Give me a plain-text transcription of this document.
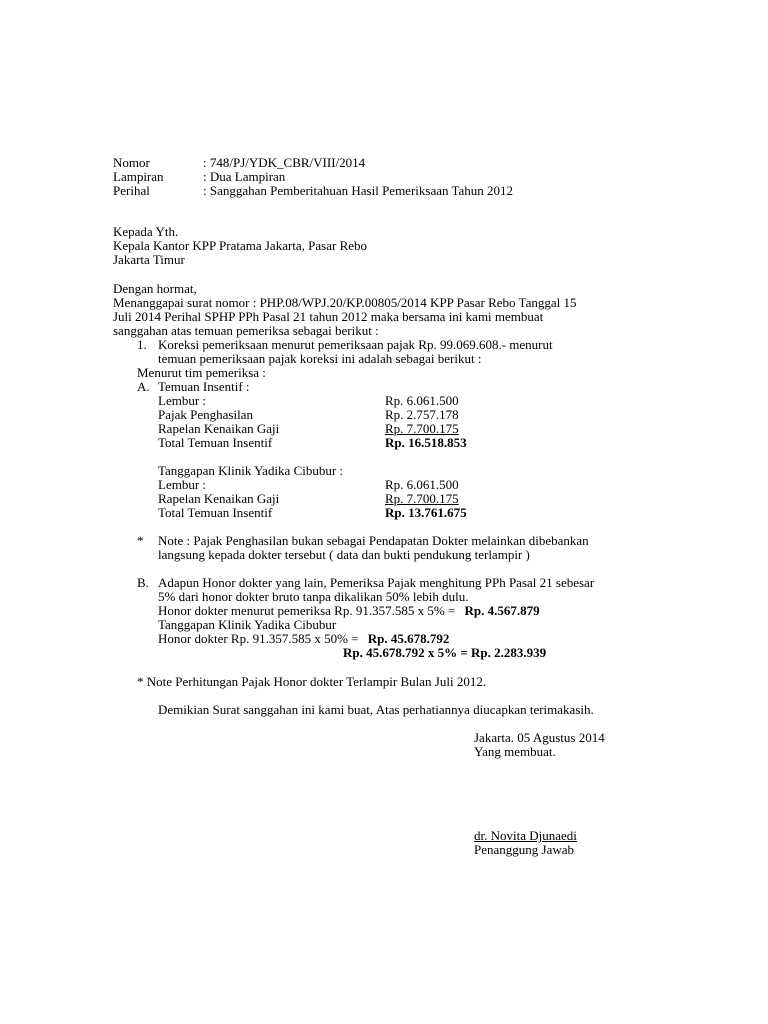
Nomor	: 748/PJ/YDK_CBR/VIII/2014
Lampiran	: Dua Lampiran
Perihal	: Sanggahan Pemberitahuan Hasil Pemeriksaan Tahun 2012
Kepada Yth.
Kepala Kantor KPP Pratama Jakarta, Pasar Rebo
Jakarta Timur
Dengan hormat,
Menanggapai surat nomor : PHP.08/WPJ.20/KP.00805/2014 KPP Pasar Rebo Tanggal 15
Juli 2014 Perihal SPHP PPh Pasal 21 tahun 2012 maka bersama ini kami membuat
sanggahan atas temuan pemeriksa sebagai berikut :
1. Koreksi pemeriksaan menurut pemeriksaan pajak Rp. 99.069.608.- menurut
temuan pemeriksaan pajak koreksi ini adalah sebagai berikut :
Menurut tim pemeriksa :
A. Temuan Insentif :
Lembur :	Rp. 6.061.500
Pajak Penghasilan	Rp. 2.757.178
Rapelan Kenaikan Gaji	Rp. 7.700.175
Total Temuan Insentif	Rp. 16.518.853
Tanggapan Klinik Yadika Cibubur :
Lembur :	Rp. 6.061.500
Rapelan Kenaikan Gaji	Rp. 7.700.175
Total Temuan Insentif	Rp. 13.761.675
* Note : Pajak Penghasilan bukan sebagai Pendapatan Dokter melainkan dibebankan
langsung kepada dokter tersebut ( data dan bukti pendukung terlampir )
B. Adapun Honor dokter yang lain, Pemeriksa Pajak menghitung PPh Pasal 21 sebesar
5% dari honor dokter bruto tanpa dikalikan 50% lebih dulu.
Honor dokter menurut pemeriksa Rp. 91.357.585 x 5% = Rp. 4.567.879
Tanggapan Klinik Yadika Cibubur
Honor dokter Rp. 91.357.585 x 50% = Rp. 45.678.792
Rp. 45.678.792 x 5% = Rp. 2.283.939
* Note Perhitungan Pajak Honor dokter Terlampir Bulan Juli 2012.
Demikian Surat sanggahan ini kami buat, Atas perhatiannya diucapkan terimakasih.
Jakarta. 05 Agustus 2014
Yang membuat.
dr. Novita Djunaedi
Penanggung Jawab
